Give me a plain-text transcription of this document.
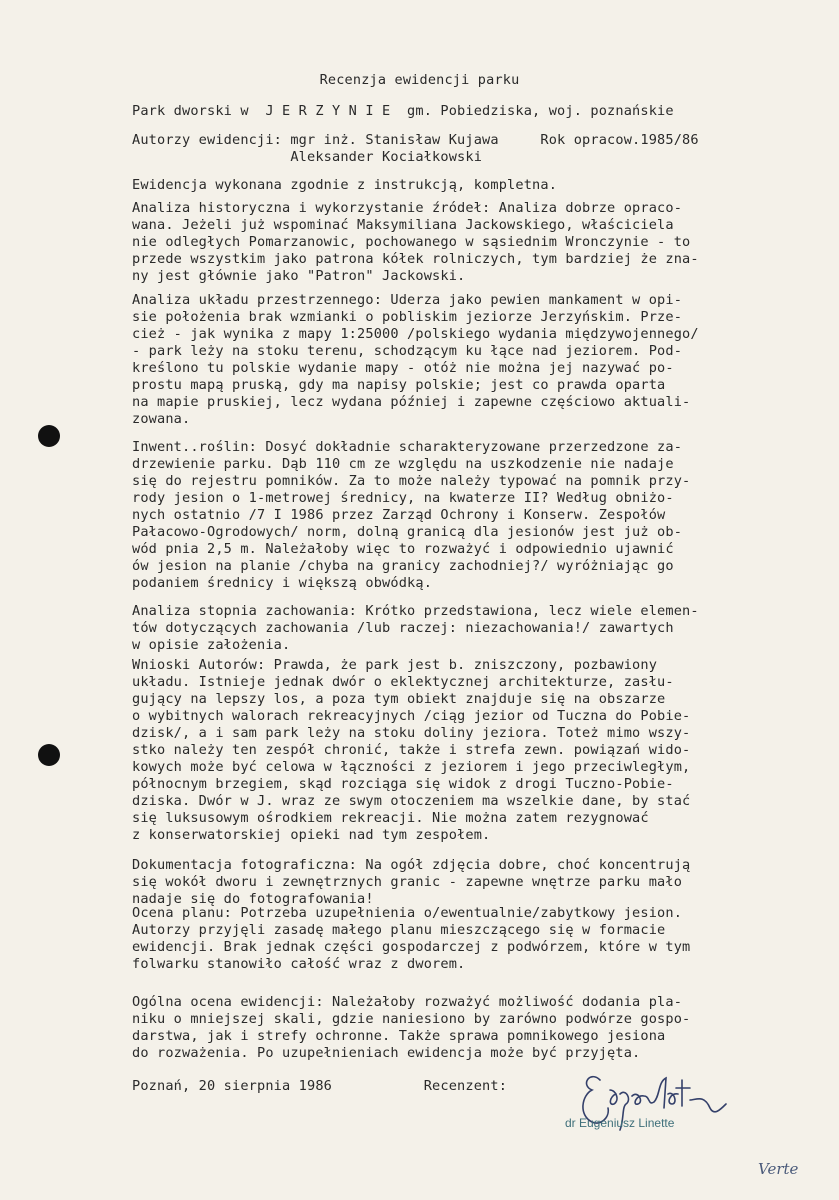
Recenzja ewidencji parku
Park dworski w  J E R Z Y N I E  gm. Pobiedziska, woj. poznańskie
Autorzy ewidencji: mgr inż. Stanisław Kujawa     Rok opracow.1985/86
Aleksander Kociałkowski
Ewidencja wykonana zgodnie z instrukcją, kompletna.
Analiza historyczna i wykorzystanie źródeł: Analiza dobrze opraco-
wana. Jeżeli już wspominać Maksymiliana Jackowskiego, właściciela
nie odległych Pomarzanowic, pochowanego w sąsiednim Wronczynie - to
przede wszystkim jako patrona kółek rolniczych, tym bardziej że zna-
ny jest głównie jako "Patron" Jackowski.
Analiza układu przestrzennego: Uderza jako pewien mankament w opi-
sie położenia brak wzmianki o pobliskim jeziorze Jerzyńskim. Prze-
cież - jak wynika z mapy 1:25000 /polskiego wydania międzywojennego/
- park leży na stoku terenu, schodzącym ku łące nad jeziorem. Pod-
kreślono tu polskie wydanie mapy - otóż nie można jej nazywać po-
prostu mapą pruską, gdy ma napisy polskie; jest co prawda oparta
na mapie pruskiej, lecz wydana później i zapewne częściowo aktuali-
zowana.
Inwent..roślin: Dosyć dokładnie scharakteryzowane przerzedzone za-
drzewienie parku. Dąb 110 cm ze względu na uszkodzenie nie nadaje
się do rejestru pomników. Za to może należy typować na pomnik przy-
rody jesion o 1-metrowej średnicy, na kwaterze II? Według obniżo-
nych ostatnio /7 I 1986 przez Zarząd Ochrony i Konserw. Zespołów
Pałacowo-Ogrodowych/ norm, dolną granicą dla jesionów jest już ob-
wód pnia 2,5 m. Należałoby więc to rozważyć i odpowiednio ujawnić
ów jesion na planie /chyba na granicy zachodniej?/ wyróżniając go
podaniem średnicy i większą obwódką.
Analiza stopnia zachowania: Krótko przedstawiona, lecz wiele elemen-
tów dotyczących zachowania /lub raczej: niezachowania!/ zawartych
w opisie założenia.
Wnioski Autorów: Prawda, że park jest b. zniszczony, pozbawiony
układu. Istnieje jednak dwór o eklektycznej architekturze, zasłu-
gujący na lepszy los, a poza tym obiekt znajduje się na obszarze
o wybitnych walorach rekreacyjnych /ciąg jezior od Tuczna do Pobie-
dzisk/, a i sam park leży na stoku doliny jeziora. Toteż mimo wszy-
stko należy ten zespół chronić, także i strefa zewn. powiązań wido-
kowych może być celowa w łączności z jeziorem i jego przeciwległym,
północnym brzegiem, skąd rozciąga się widok z drogi Tuczno-Pobie-
dziska. Dwór w J. wraz ze swym otoczeniem ma wszelkie dane, by stać
się luksusowym ośrodkiem rekreacji. Nie można zatem rezygnować
z konserwatorskiej opieki nad tym zespołem.
Dokumentacja fotograficzna: Na ogół zdjęcia dobre, choć koncentrują
się wokół dworu i zewnętrznych granic - zapewne wnętrze parku mało
nadaje się do fotografowania!
Ocena planu: Potrzeba uzupełnienia o/ewentualnie/zabytkowy jesion.
Autorzy przyjęli zasadę małego planu mieszczącego się w formacie
ewidencji. Brak jednak części gospodarczej z podwórzem, które w tym
folwarku stanowiło całość wraz z dworem.
Ogólna ocena ewidencji: Należałoby rozważyć możliwość dodania pla-
niku o mniejszej skali, gdzie naniesiono by zarówno podwórze gospo-
darstwa, jak i strefy ochronne. Także sprawa pomnikowego jesiona
do rozważenia. Po uzupełnieniach ewidencja może być przyjęta.
Poznań, 20 sierpnia 1986           Recenzent:
dr Eugeniusz Linette
Verte
